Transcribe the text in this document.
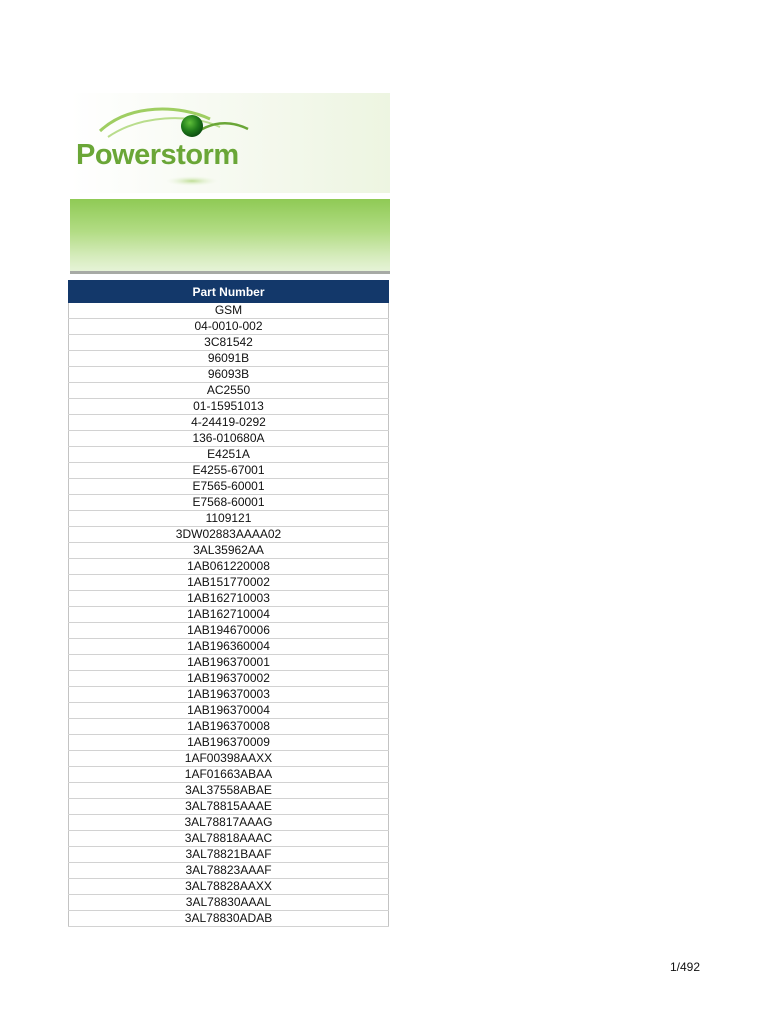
Powerstorm
Part Number
GSM
04-0010-002
3C81542
96091B
96093B
AC2550
01-15951013
4-24419-0292
136-010680A
E4251A
E4255-67001
E7565-60001
E7568-60001
1109121
3DW02883AAAA02
3AL35962AA
1AB061220008
1AB151770002
1AB162710003
1AB162710004
1AB194670006
1AB196360004
1AB196370001
1AB196370002
1AB196370003
1AB196370004
1AB196370008
1AB196370009
1AF00398AAXX
1AF01663ABAA
3AL37558ABAE
3AL78815AAAE
3AL78817AAAG
3AL78818AAAC
3AL78821BAAF
3AL78823AAAF
3AL78828AAXX
3AL78830AAAL
3AL78830ADAB
1/492
